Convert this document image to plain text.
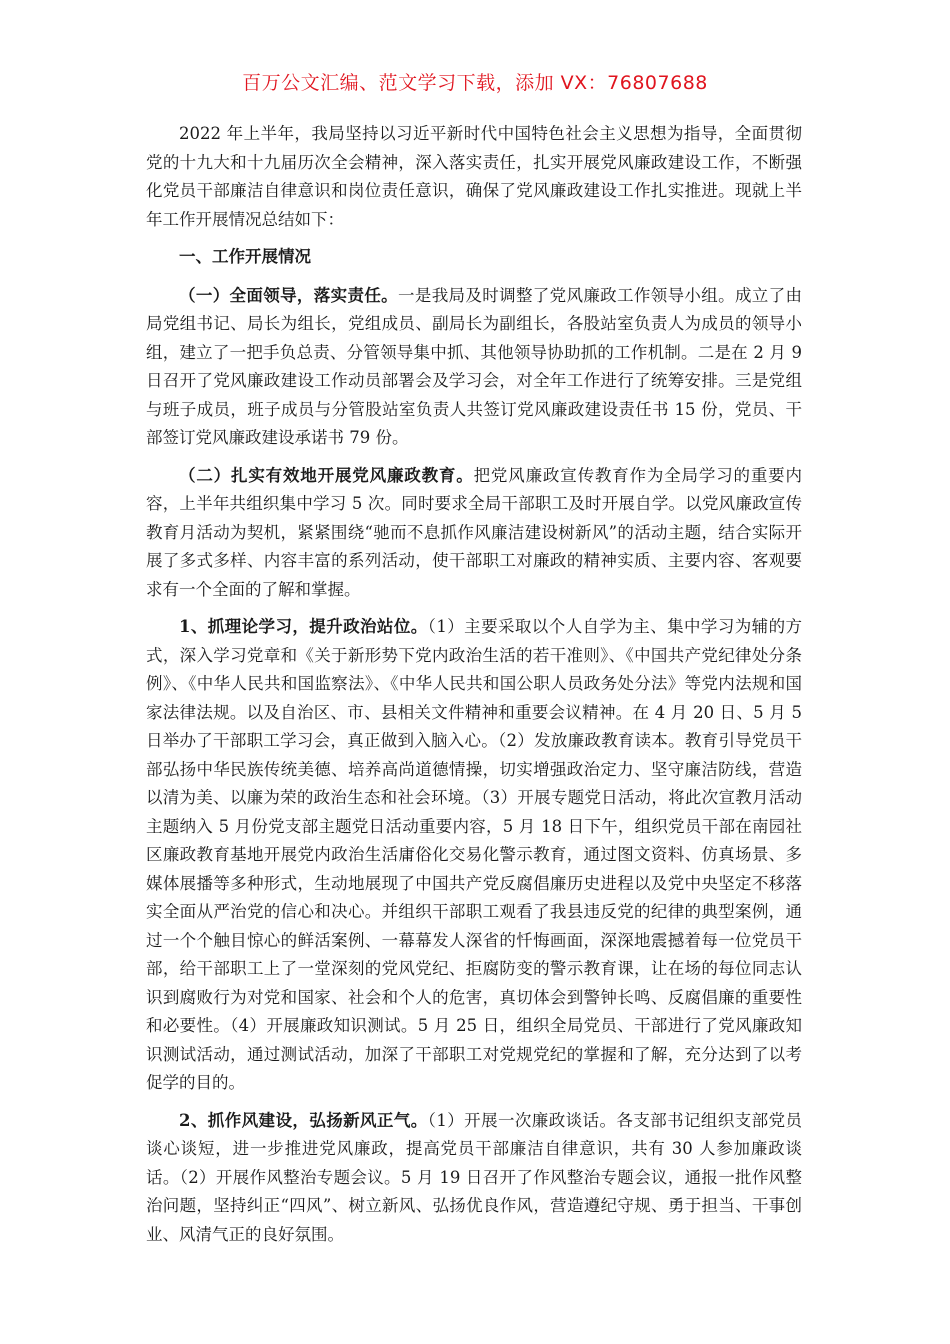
百万公文汇编、范文学习下载，添加 VX：76807688

2022 年上半年，我局坚持以习近平新时代中国特色社会主义思想为指导，全面贯彻党的十九大和十九届历次全会精神，深入落实责任，扎实开展党风廉政建设工作，不断强化党员干部廉洁自律意识和岗位责任意识，确保了党风廉政建设工作扎实推进。现就上半年工作开展情况总结如下：

一、工作开展情况

（一）全面领导，落实责任。一是我局及时调整了党风廉政工作领导小组。成立了由局党组书记、局长为组长，党组成员、副局长为副组长，各股站室负责人为成员的领导小组，建立了一把手负总责、分管领导集中抓、其他领导协助抓的工作机制。二是在 2 月 9 日召开了党风廉政建设工作动员部署会及学习会，对全年工作进行了统筹安排。三是党组与班子成员，班子成员与分管股站室负责人共签订党风廉政建设责任书 15 份，党员、干部签订党风廉政建设承诺书 79 份。

（二）扎实有效地开展党风廉政教育。把党风廉政宣传教育作为全局学习的重要内容，上半年共组织集中学习 5 次。同时要求全局干部职工及时开展自学。以党风廉政宣传教育月活动为契机，紧紧围绕“驰而不息抓作风廉洁建设树新风”的活动主题，结合实际开展了多式多样、内容丰富的系列活动，使干部职工对廉政的精神实质、主要内容、客观要求有一个全面的了解和掌握。

1、抓理论学习，提升政治站位。（1）主要采取以个人自学为主、集中学习为辅的方式，深入学习党章和《关于新形势下党内政治生活的若干准则》、《中国共产党纪律处分条例》、《中华人民共和国监察法》、《中华人民共和国公职人员政务处分法》等党内法规和国家法律法规。以及自治区、市、县相关文件精神和重要会议精神。在 4 月 20 日、5 月 5 日举办了干部职工学习会，真正做到入脑入心。（2）发放廉政教育读本。教育引导党员干部弘扬中华民族传统美德、培养高尚道德情操，切实增强政治定力、坚守廉洁防线，营造以清为美、以廉为荣的政治生态和社会环境。（3）开展专题党日活动，将此次宣教月活动主题纳入 5 月份党支部主题党日活动重要内容，5 月 18 日下午，组织党员干部在南园社区廉政教育基地开展党内政治生活庸俗化交易化警示教育，通过图文资料、仿真场景、多媒体展播等多种形式，生动地展现了中国共产党反腐倡廉历史进程以及党中央坚定不移落实全面从严治党的信心和决心。并组织干部职工观看了我县违反党的纪律的典型案例，通过一个个触目惊心的鲜活案例、一幕幕发人深省的忏悔画面，深深地震撼着每一位党员干部，给干部职工上了一堂深刻的党风党纪、拒腐防变的警示教育课，让在场的每位同志认识到腐败行为对党和国家、社会和个人的危害，真切体会到警钟长鸣、反腐倡廉的重要性和必要性。（4）开展廉政知识测试。5 月 25 日，组织全局党员、干部进行了党风廉政知识测试活动，通过测试活动，加深了干部职工对党规党纪的掌握和了解，充分达到了以考促学的目的。

2、抓作风建设，弘扬新风正气。（1）开展一次廉政谈话。各支部书记组织支部党员谈心谈短，进一步推进党风廉政，提高党员干部廉洁自律意识，共有 30 人参加廉政谈话。（2）开展作风整治专题会议。5 月 19 日召开了作风整治专题会议，通报一批作风整治问题，坚持纠正“四风”、树立新风、弘扬优良作风，营造遵纪守规、勇于担当、干事创业、风清气正的良好氛围。
